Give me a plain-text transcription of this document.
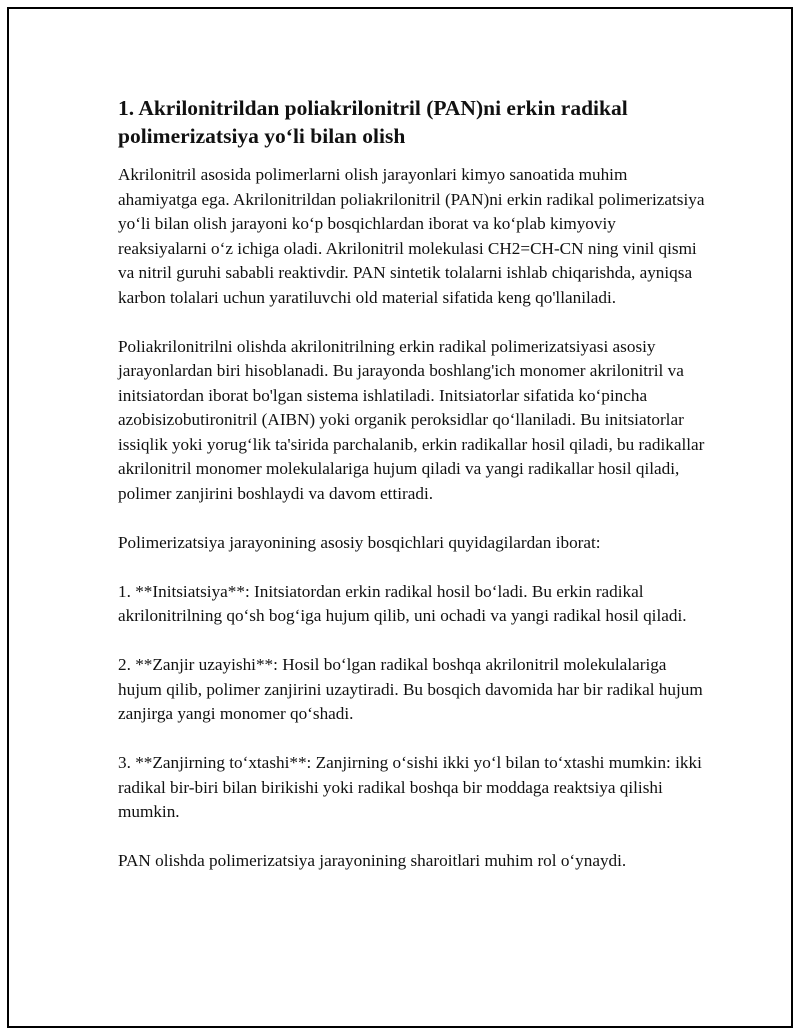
1. Akrilonitrildan poliakrilonitril (PAN)ni erkin radikal polimerizatsiya yo‘li bilan olish

Akrilonitril asosida polimerlarni olish jarayonlari kimyo sanoatida muhim ahamiyatga ega. Akrilonitrildan poliakrilonitril (PAN)ni erkin radikal polimerizatsiya yo‘li bilan olish jarayoni ko‘p bosqichlardan iborat va ko‘plab kimyoviy reaksiyalarni o‘z ichiga oladi. Akrilonitril molekulasi CH2=CH-CN ning vinil qismi va nitril guruhi sababli reaktivdir. PAN sintetik tolalarni ishlab chiqarishda, ayniqsa karbon tolalari uchun yaratiluvchi old material sifatida keng qo'llaniladi.

Poliakrilonitrilni olishda akrilonitrilning erkin radikal polimerizatsiyasi asosiy jarayonlardan biri hisoblanadi. Bu jarayonda boshlang'ich monomer akrilonitril va initsiatordan iborat bo'lgan sistema ishlatiladi. Initsiatorlar sifatida ko‘pincha azobisizobutironitril (AIBN) yoki organik peroksidlar qo‘llaniladi. Bu initsiatorlar issiqlik yoki yorug‘lik ta'sirida parchalanib, erkin radikallar hosil qiladi, bu radikallar akrilonitril monomer molekulalariga hujum qiladi va yangi radikallar hosil qiladi, polimer zanjirini boshlaydi va davom ettiradi.

Polimerizatsiya jarayonining asosiy bosqichlari quyidagilardan iborat:

1. **Initsiatsiya**: Initsiatordan erkin radikal hosil bo‘ladi. Bu erkin radikal akrilonitrilning qo‘sh bog‘iga hujum qilib, uni ochadi va yangi radikal hosil qiladi.

2. **Zanjir uzayishi**: Hosil bo‘lgan radikal boshqa akrilonitril molekulalariga hujum qilib, polimer zanjirini uzaytiradi. Bu bosqich davomida har bir radikal hujum zanjirga yangi monomer qo‘shadi.

3. **Zanjirning to‘xtashi**: Zanjirning o‘sishi ikki yo‘l bilan to‘xtashi mumkin: ikki radikal bir-biri bilan birikishi yoki radikal boshqa bir moddaga reaktsiya qilishi mumkin.

PAN olishda polimerizatsiya jarayonining sharoitlari muhim rol o‘ynaydi.
